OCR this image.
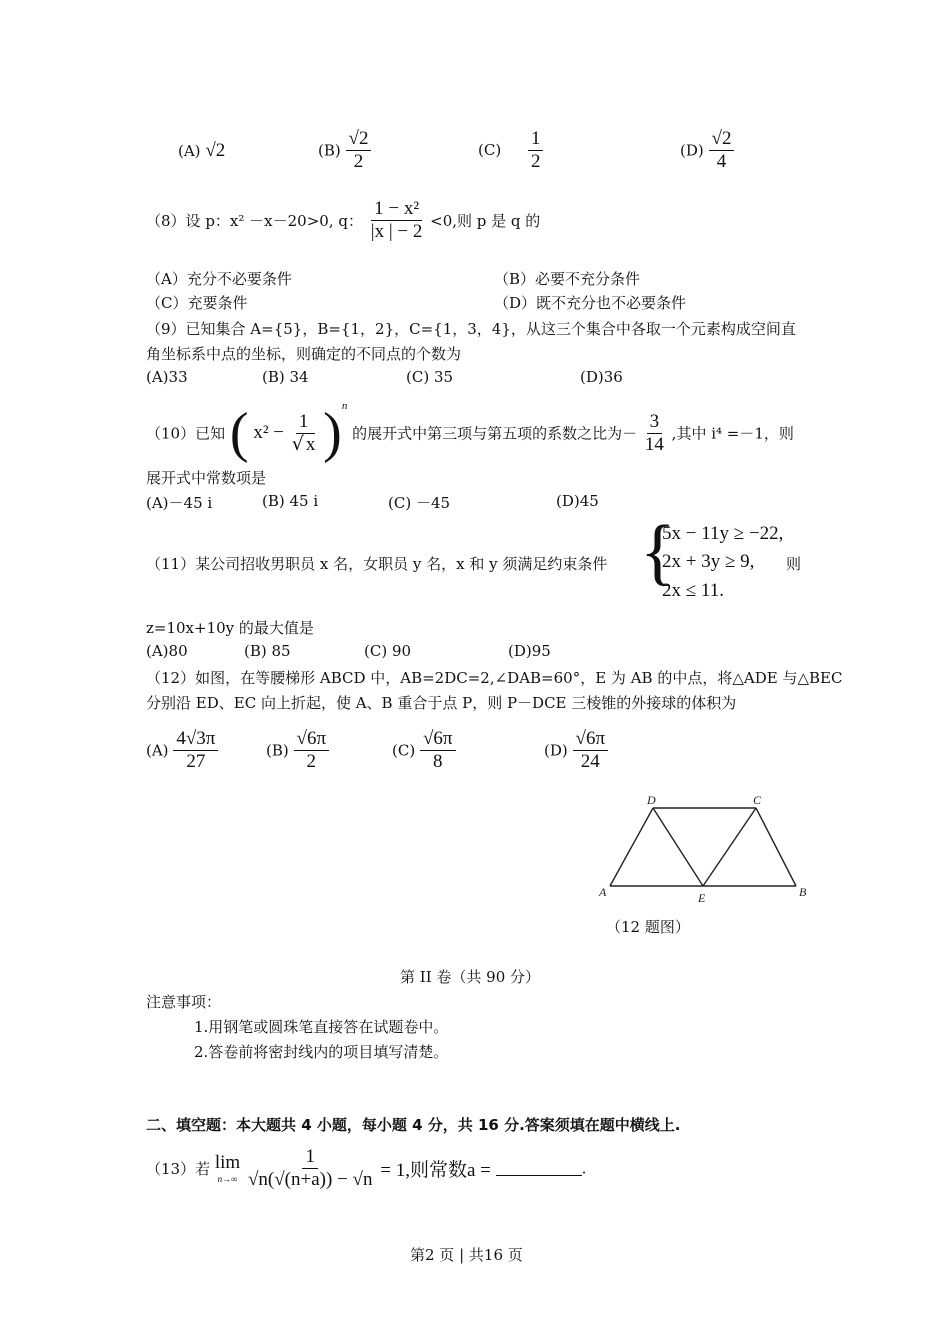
(A) √2	$(B) \frac{√2}{2}$	$(C) \frac{1}{2}$	$(D) \frac{√2}{4}$
（8）设 p：x² －x－20>0, q： $\frac{\text{1 − x²}}{|x | - 2} <0$,则 p 是 q 的
（A）充分不必要条件	（B）必要不充分条件
（C）充要条件	（D）既不充分也不必要条件
（9）已知集合 A={5}，B={1，2}，C={1，3，4}，从这三个集合中各取一个元素构成空间直
角坐标系中点的坐标，则确定的不同点的个数为
(A)33	(B) 34	(C) 35	(D)36
（10）已知 ( $x^2 - \frac{1}{√ x} )^n$ 的展开式中第三项与第五项的系数之比为－ $\frac{3}{14}$ ,其中 i⁴ =－1，则
展开式中常数项是
(A)－45 i	(B) 45 i	(C) －45	(D)45
（11）某公司招收男职员 x 名，女职员 y 名，x 和 y 须满足约束条件 {
5x − 11y ≥ −22,
2x + 3y ≥ 9,
2x ≤ 11.
则
z=10x+10y 的最大值是
(A)80	(B) 85	(C) 90	(D)95
（12）如图，在等腰梯形 ABCD 中，AB=2DC=2,∠DAB=60°，E 为 AB 的中点，将△ADE 与△BEC
分别沿 ED、EC 向上折起，使 A、B 重合于点 P，则 P－DCE 三棱锥的外接球的体积为
$(A) \frac{4√3\pi}{27}$	$(B) \frac{√6\pi}{2}$	$(C) \frac{√6\pi}{8}$	$(D) \frac{√6\pi}{24}$
D	C
A	E	B
（12 题图）
第 II 卷（共 90 分）
注意事项：
1.用钢笔或圆珠笔直接答在试题卷中。
2.答卷前将密封线内的项目填写清楚。
二、填空题：本大题共 4 小题，每小题 4 分，共 16 分.答案须填在题中横线上.
（13）若 lim
n→∞
$\frac{1}{√n(√(n+a)) - √n} = 1$,则常数a =	.
第2 页 | 共16 页
